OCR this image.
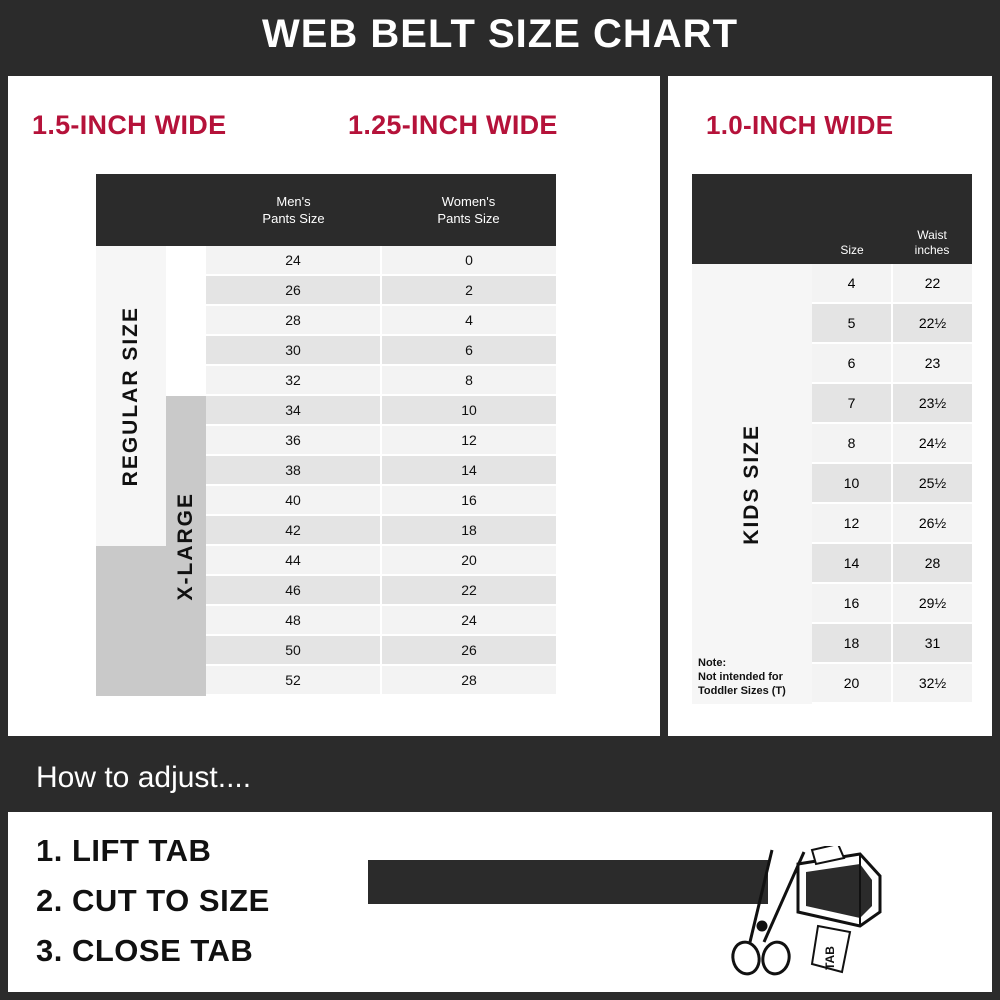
WEB BELT SIZE CHART
1.5-INCH WIDE	1.25-INCH WIDE
Men's
Pants Size
Women's
Pants Size
REGULAR SIZE
X-LARGE
24	0
26	2
28	4
30	6
32	8
34	10
36	12
38	14
40	16
42	18
44	20
46	22
48	24
50	26
52	28
1.0-INCH WIDE
Size
Waist
inches
KIDS SIZE
Note:
Not intended for
Toddler Sizes (T)
4	22
5	22½
6	23
7	23½
8	24½
10	25½
12	26½
14	28
16	29½
18	31
20	32½
How to adjust....
1. LIFT TAB
2. CUT TO SIZE
3. CLOSE TAB	TAB
